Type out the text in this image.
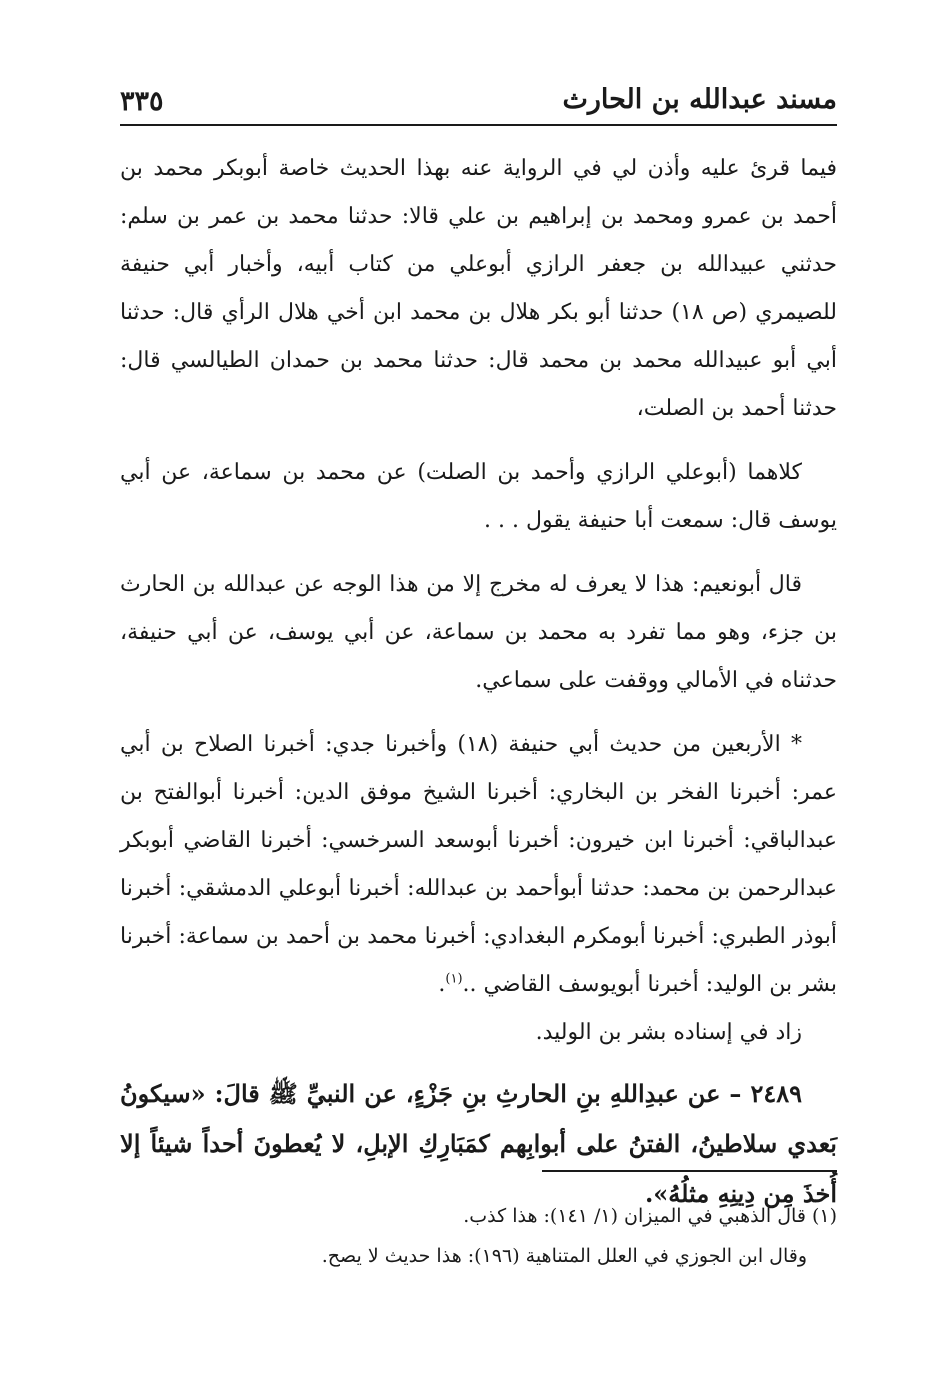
مسند عبدالله بن الحارث
٣٣٥

فيما قرئ عليه وأذن لي في الرواية عنه بهذا الحديث خاصة أبوبكر محمد بن أحمد بن عمرو ومحمد بن إبراهيم بن علي قالا: حدثنا محمد بن عمر بن سلم: حدثني عبيدالله بن جعفر الرازي أبوعلي من كتاب أبيه، وأخبار أبي حنيفة للصيمري (ص ١٨) حدثنا أبو بكر هلال بن محمد ابن أخي هلال الرأي قال: حدثنا أبي أبو عبيدالله محمد بن محمد قال: حدثنا محمد بن حمدان الطيالسي قال: حدثنا أحمد بن الصلت،

كلاهما (أبوعلي الرازي وأحمد بن الصلت) عن محمد بن سماعة، عن أبي يوسف قال: سمعت أبا حنيفة يقول . . .

قال أبونعيم: هذا لا يعرف له مخرج إلا من هذا الوجه عن عبدالله بن الحارث بن جزء، وهو مما تفرد به محمد بن سماعة، عن أبي يوسف، عن أبي حنيفة، حدثناه في الأمالي ووقفت على سماعي.

* الأربعين من حديث أبي حنيفة (١٨) وأخبرنا جدي: أخبرنا الصلاح بن أبي عمر: أخبرنا الفخر بن البخاري: أخبرنا الشيخ موفق الدين: أخبرنا أبوالفتح بن عبدالباقي: أخبرنا ابن خيرون: أخبرنا أبوسعد السرخسي: أخبرنا القاضي أبوبكر عبدالرحمن بن محمد: حدثنا أبوأحمد بن عبدالله: أخبرنا أبوعلي الدمشقي: أخبرنا أبوذر الطبري: أخبرنا أبومكرم البغدادي: أخبرنا محمد بن أحمد بن سماعة: أخبرنا بشر بن الوليد: أخبرنا أبويوسف القاضي ..$^{(١)}$.

زاد في إسناده بشر بن الوليد.

٢٤٨٩ – عن عبدِاللهِ بنِ الحارثِ بنِ جَزْءٍ، عن النبيِّ ﷺ قالَ: «سيكونُ بَعدي سلاطينُ، الفتنُ على أبوابِهم كمَبَارِكِ الإبلِ، لا يُعطونَ أحداً شيئاً إلا أُخذَ مِن دِينِهِ مثلُهُ».

(١) قال الذهبي في الميزان (١/ ١٤١): هذا كذب.

وقال ابن الجوزي في العلل المتناهية (١٩٦): هذا حديث لا يصح.
